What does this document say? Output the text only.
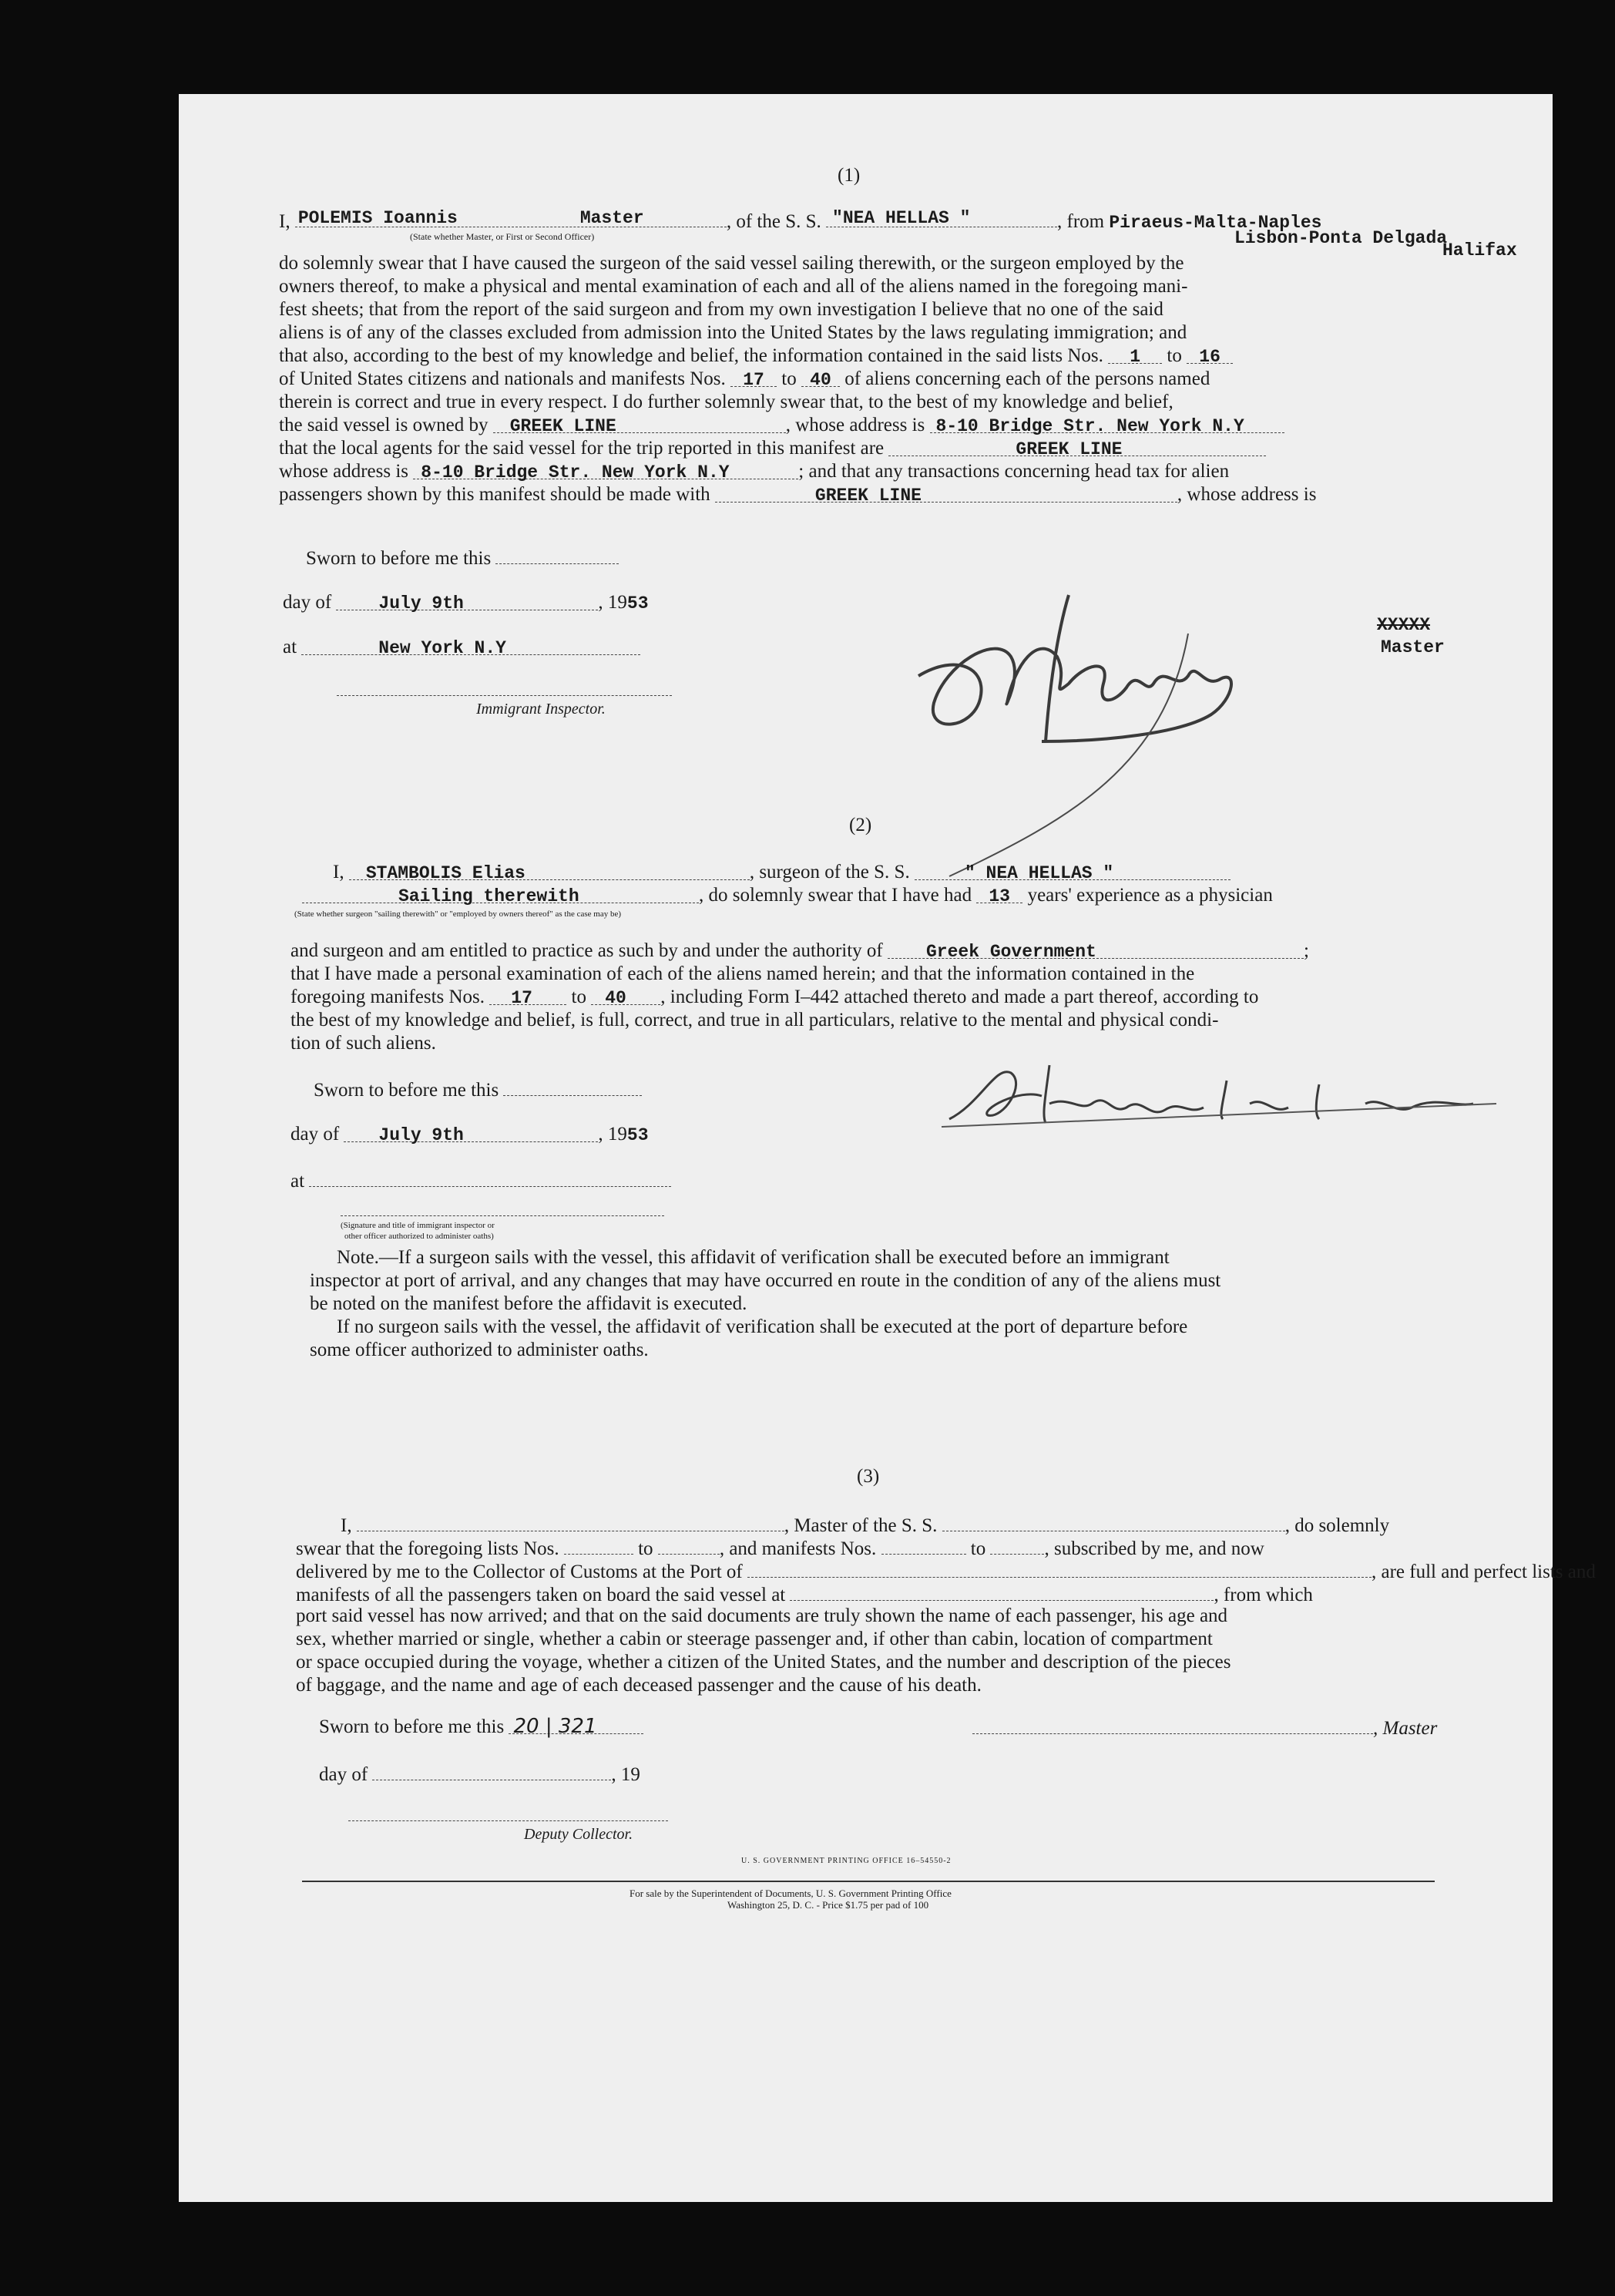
(1)
I, POLEMIS Ioannis	Master	, of the S. S. "NEA HELLAS "	, from Piraeus-Malta-Naples
(State whether Master, or First or Second Officer)	Lisbon-Ponta Delgada
Halifax
do solemnly swear that I have caused the surgeon of the said vessel sailing therewith, or the surgeon employed by the
owners thereof, to make a physical and mental examination of each and all of the aliens named in the foregoing mani-
fest sheets; that from the report of the said surgeon and from my own investigation I believe that no one of the said
aliens is of any of the classes excluded from admission into the United States by the laws regulating immigration; and
that also, according to the best of my knowledge and belief, the information contained in the said lists Nos. 1 to 16
of United States citizens and nationals and manifests Nos. 17 to 40 of aliens concerning each of the persons named
therein is correct and true in every respect. I do further solemnly swear that, to the best of my knowledge and belief,
the said vessel is owned by GREEK LINE	, whose address is 8-10 Bridge Str. New York N.Y
that the local agents for the said vessel for the trip reported in this manifest are	GREEK LINE
whose address is 8-10 Bridge Str. New York N.Y	; and that any transactions concerning head tax for alien
passengers shown by this manifest should be made with	GREEK LINE	, whose address is
Sworn to before me this
day of	July 9th	, 1953
at	New York N.Y
Immigrant Inspector.
XXXXX
Master
(2)
I, STAMBOLIS Elias	, surgeon of the S. S.	" NEA HELLAS "
Sailing therewith	, do solemnly swear that I have had 13 years' experience as a physician
(State whether surgeon "sailing therewith" or "employed by owners thereof" as the case may be)
and surgeon and am entitled to practice as such by and under the authority of Greek Government	;
that I have made a personal examination of each of the aliens named herein; and that the information contained in the
foregoing manifests Nos. 17 to 40 , including Form I–442 attached thereto and made a part thereof, according to
the best of my knowledge and belief, is full, correct, and true in all particulars, relative to the mental and physical condi-
tion of such aliens.
Sworn to before me this
day of July 9th	, 1953
at
(Signature and title of immigrant inspector or
other officer authorized to administer oaths)
Note.—If a surgeon sails with the vessel, this affidavit of verification shall be executed before an immigrant
inspector at port of arrival, and any changes that may have occurred en route in the condition of any of the aliens must
be noted on the manifest before the affidavit is executed.
If no surgeon sails with the vessel, the affidavit of verification shall be executed at the port of departure before
some officer authorized to administer oaths.
(3)
I,	, Master of the S. S.	, do solemnly
swear that the foregoing lists Nos.	to	, and manifests Nos.	to	, subscribed by me, and now
delivered by me to the Collector of Customs at the Port of	, are full and perfect lists and
manifests of all the passengers taken on board the said vessel at	, from which
port said vessel has now arrived; and that on the said documents are truly shown the name of each passenger, his age and
sex, whether married or single, whether a cabin or steerage passenger and, if other than cabin, location of compartment
or space occupied during the voyage, whether a citizen of the United States, and the number and description of the pieces
of baggage, and the name and age of each deceased passenger and the cause of his death.
Sworn to before me this 20 | 321	, Master
day of	, 19
Deputy Collector.
U. S. GOVERNMENT PRINTING OFFICE 16–54550-2
For sale by the Superintendent of Documents, U. S. Government Printing Office
Washington 25, D. C. - Price $1.75 per pad of 100
